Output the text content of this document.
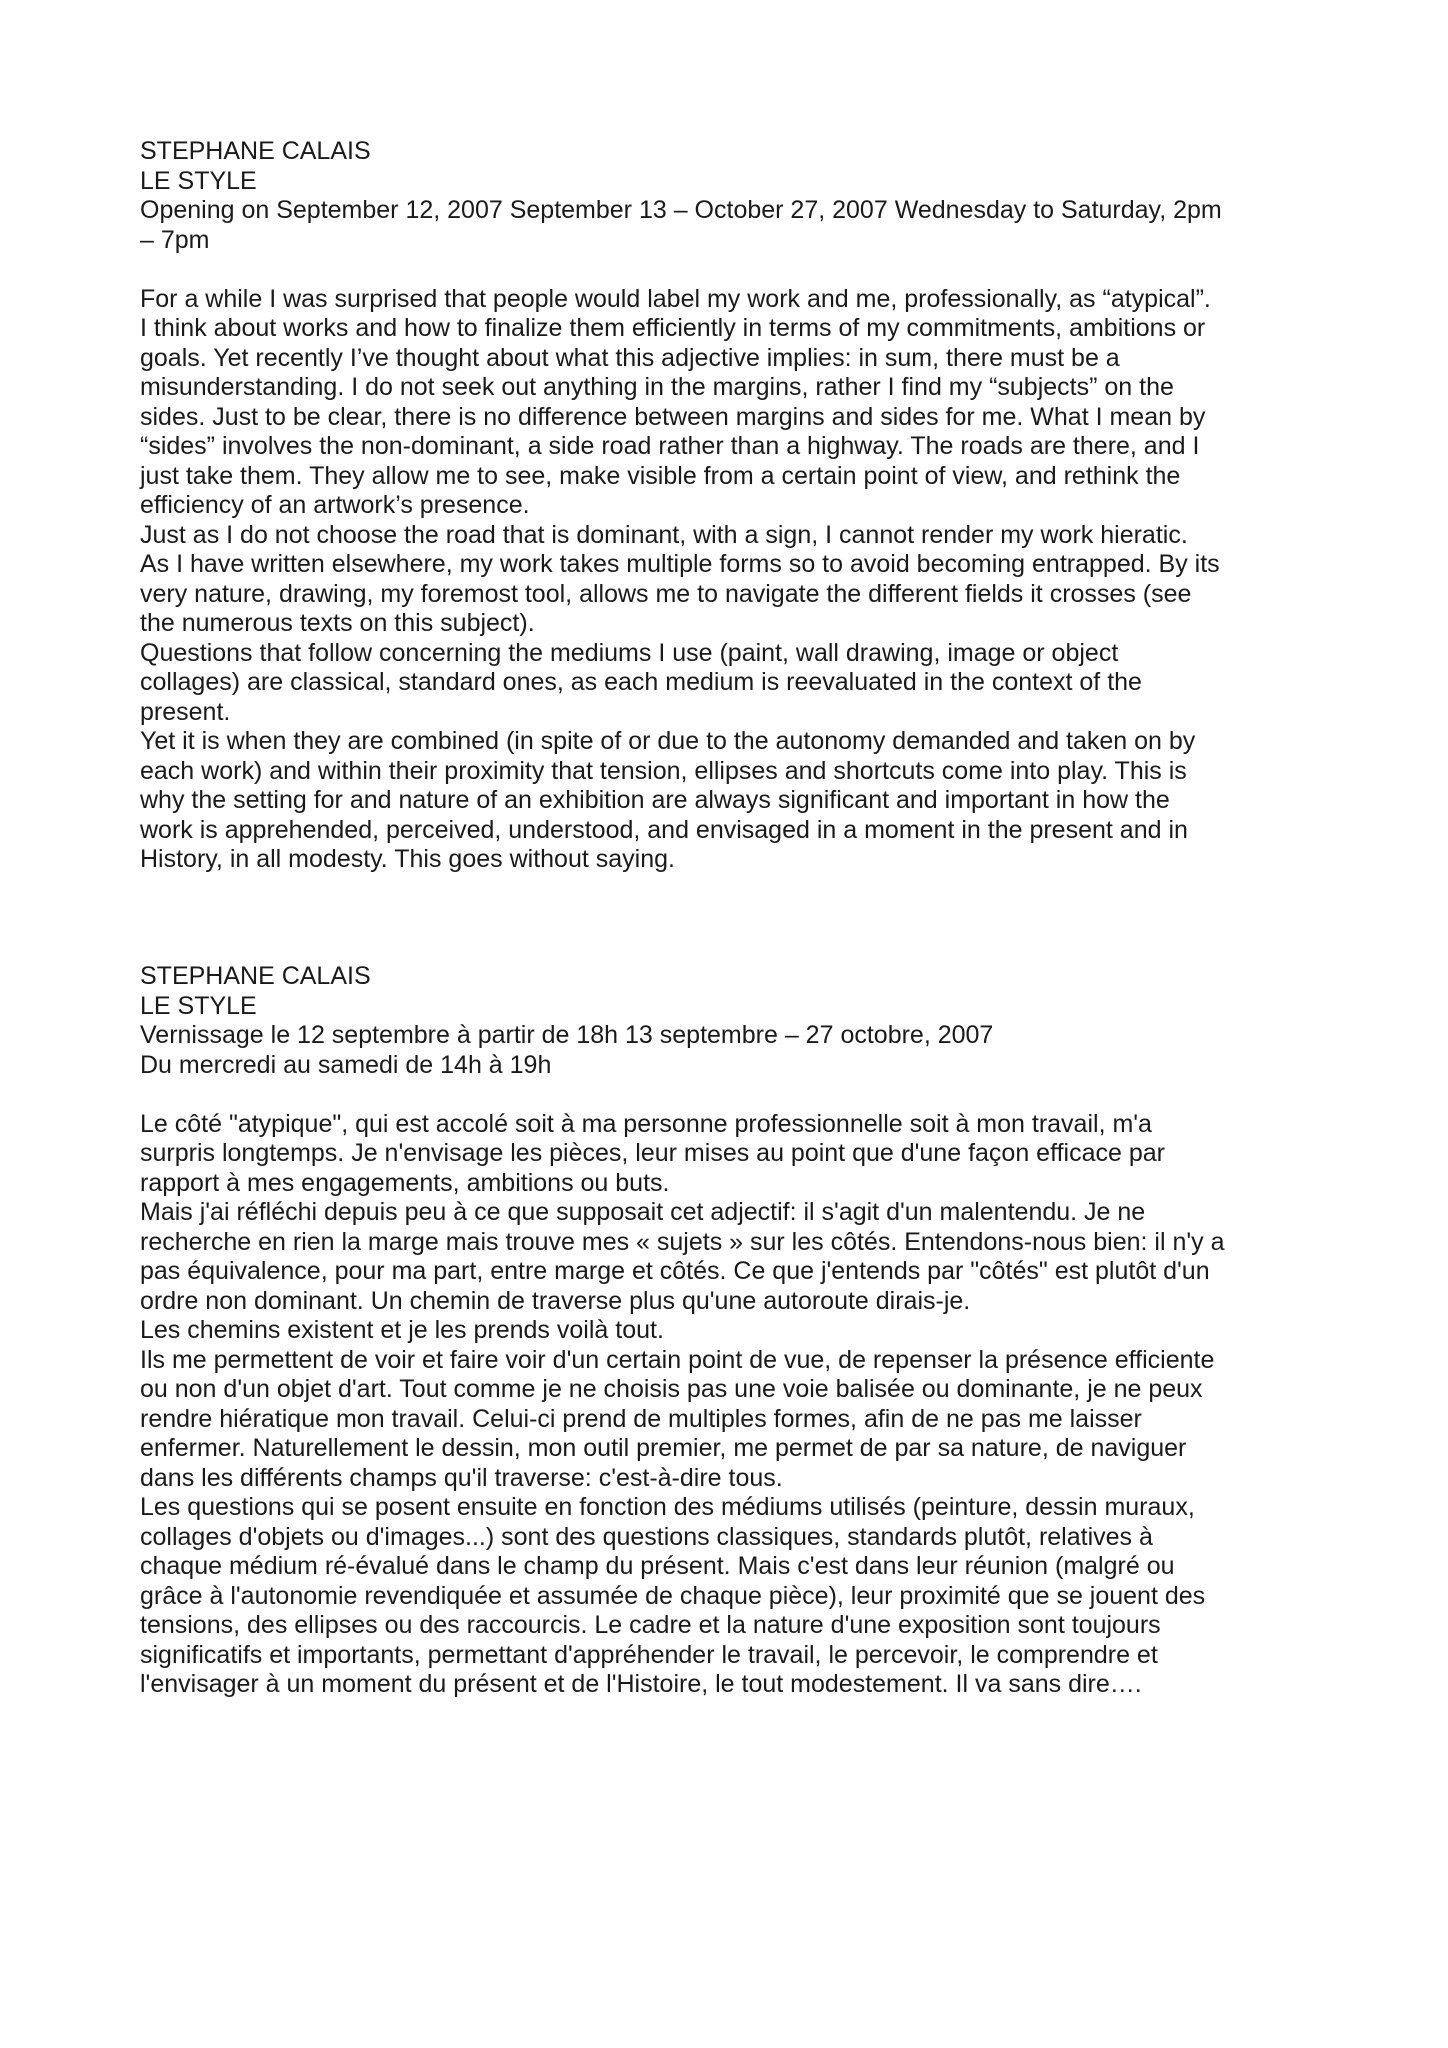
STEPHANE CALAIS

LE STYLE

Opening on September 12, 2007 September 13 – October 27, 2007 Wednesday to Saturday, 2pm

– 7pm

For a while I was surprised that people would label my work and me, professionally, as “atypical”.

I think about works and how to finalize them efficiently in terms of my commitments, ambitions or

goals. Yet recently I’ve thought about what this adjective implies: in sum, there must be a

misunderstanding. I do not seek out anything in the margins, rather I find my “subjects” on the

sides. Just to be clear, there is no difference between margins and sides for me. What I mean by

“sides” involves the non-dominant, a side road rather than a highway. The roads are there, and I

just take them. They allow me to see, make visible from a certain point of view, and rethink the

efficiency of an artwork’s presence.

Just as I do not choose the road that is dominant, with a sign, I cannot render my work hieratic.

As I have written elsewhere, my work takes multiple forms so to avoid becoming entrapped. By its

very nature, drawing, my foremost tool, allows me to navigate the different fields it crosses (see

the numerous texts on this subject).

Questions that follow concerning the mediums I use (paint, wall drawing, image or object

collages) are classical, standard ones, as each medium is reevaluated in the context of the

present.

Yet it is when they are combined (in spite of or due to the autonomy demanded and taken on by

each work) and within their proximity that tension, ellipses and shortcuts come into play. This is

why the setting for and nature of an exhibition are always significant and important in how the

work is apprehended, perceived, understood, and envisaged in a moment in the present and in

History, in all modesty. This goes without saying.

STEPHANE CALAIS

LE STYLE

Vernissage le 12 septembre à partir de 18h 13 septembre – 27 octobre, 2007

Du mercredi au samedi de 14h à 19h

Le côté "atypique", qui est accolé soit à ma personne professionnelle soit à mon travail, m'a

surpris longtemps. Je n'envisage les pièces, leur mises au point que d'une façon efficace par

rapport à mes engagements, ambitions ou buts.

Mais j'ai réfléchi depuis peu à ce que supposait cet adjectif: il s'agit d'un malentendu. Je ne

recherche en rien la marge mais trouve mes « sujets » sur les côtés. Entendons-nous bien: il n'y a

pas équivalence, pour ma part, entre marge et côtés. Ce que j'entends par "côtés" est plutôt d'un

ordre non dominant. Un chemin de traverse plus qu'une autoroute dirais-je.

Les chemins existent et je les prends voilà tout.

Ils me permettent de voir et faire voir d'un certain point de vue, de repenser la présence efficiente

ou non d'un objet d'art. Tout comme je ne choisis pas une voie balisée ou dominante, je ne peux

rendre hiératique mon travail. Celui-ci prend de multiples formes, afin de ne pas me laisser

enfermer. Naturellement le dessin, mon outil premier, me permet de par sa nature, de naviguer

dans les différents champs qu'il traverse: c'est-à-dire tous.

Les questions qui se posent ensuite en fonction des médiums utilisés (peinture, dessin muraux,

collages d'objets ou d'images...) sont des questions classiques, standards plutôt, relatives à

chaque médium ré-évalué dans le champ du présent. Mais c'est dans leur réunion (malgré ou

grâce à l'autonomie revendiquée et assumée de chaque pièce), leur proximité que se jouent des

tensions, des ellipses ou des raccourcis. Le cadre et la nature d'une exposition sont toujours

significatifs et importants, permettant d'appréhender le travail, le percevoir, le comprendre et

l'envisager à un moment du présent et de l'Histoire, le tout modestement. Il va sans dire….
